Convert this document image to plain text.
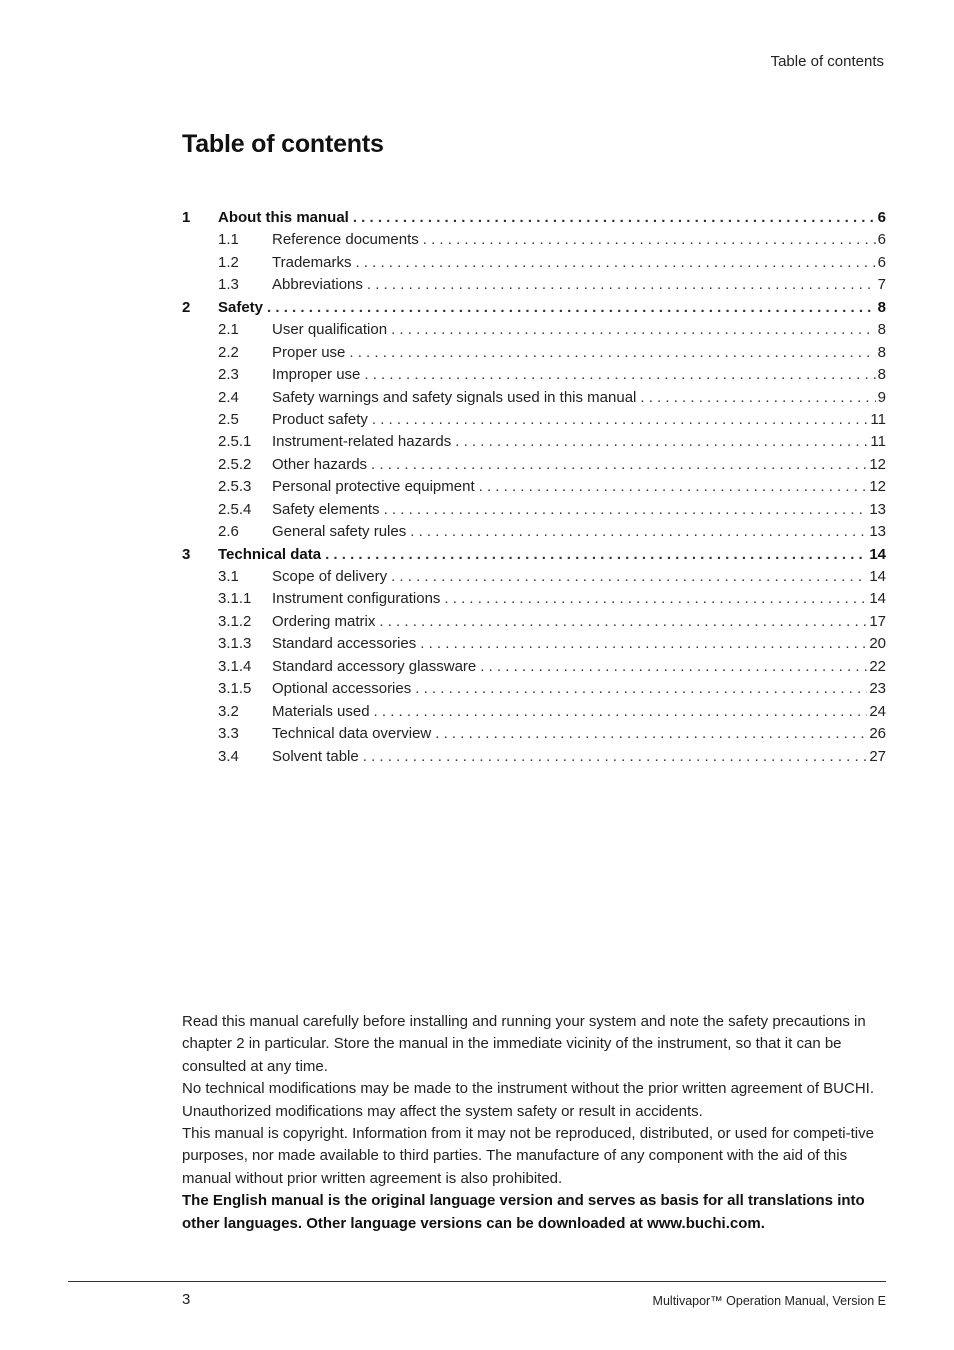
Table of contents
Table of contents
1	About this manual . . .	6
1.1	Reference documents . . .	6
1.2	Trademarks . . .	6
1.3	Abbreviations . . .	7
2	Safety . . .	8
2.1	User qualification . . .	8
2.2	Proper use . . .	8
2.3	Improper use . . .	8
2.4	Safety warnings and safety signals used in this manual . . .	9
2.5	Product safety . . .	11
2.5.1	Instrument-related hazards . . .	11
2.5.2	Other hazards . . .	12
2.5.3	Personal protective equipment . . .	12
2.5.4	Safety elements . . .	13
2.6	General safety rules . . .	13
3	Technical data . . .	14
3.1	Scope of delivery . . .	14
3.1.1	Instrument configurations . . .	14
3.1.2	Ordering matrix . . .	17
3.1.3	Standard accessories . . .	20
3.1.4	Standard accessory glassware . . .	22
3.1.5	Optional accessories . . .	23
3.2	Materials used . . .	24
3.3	Technical data overview . . .	26
3.4	Solvent table . . .	27

Read this manual carefully before installing and running your system and note the safety precautions in chapter 2 in particular. Store the manual in the immediate vicinity of the instrument, so that it can be consulted at any time.

No technical modifications may be made to the instrument without the prior written agreement of BUCHI. Unauthorized modifications may affect the system safety or result in accidents.

This manual is copyright. Information from it may not be reproduced, distributed, or used for competi-tive purposes, nor made available to third parties. The manufacture of any component with the aid of this manual without prior written agreement is also prohibited.

The English manual is the original language version and serves as basis for all translations into other languages. Other language versions can be downloaded at www.buchi.com.

3	Multivapor™ Operation Manual, Version E
